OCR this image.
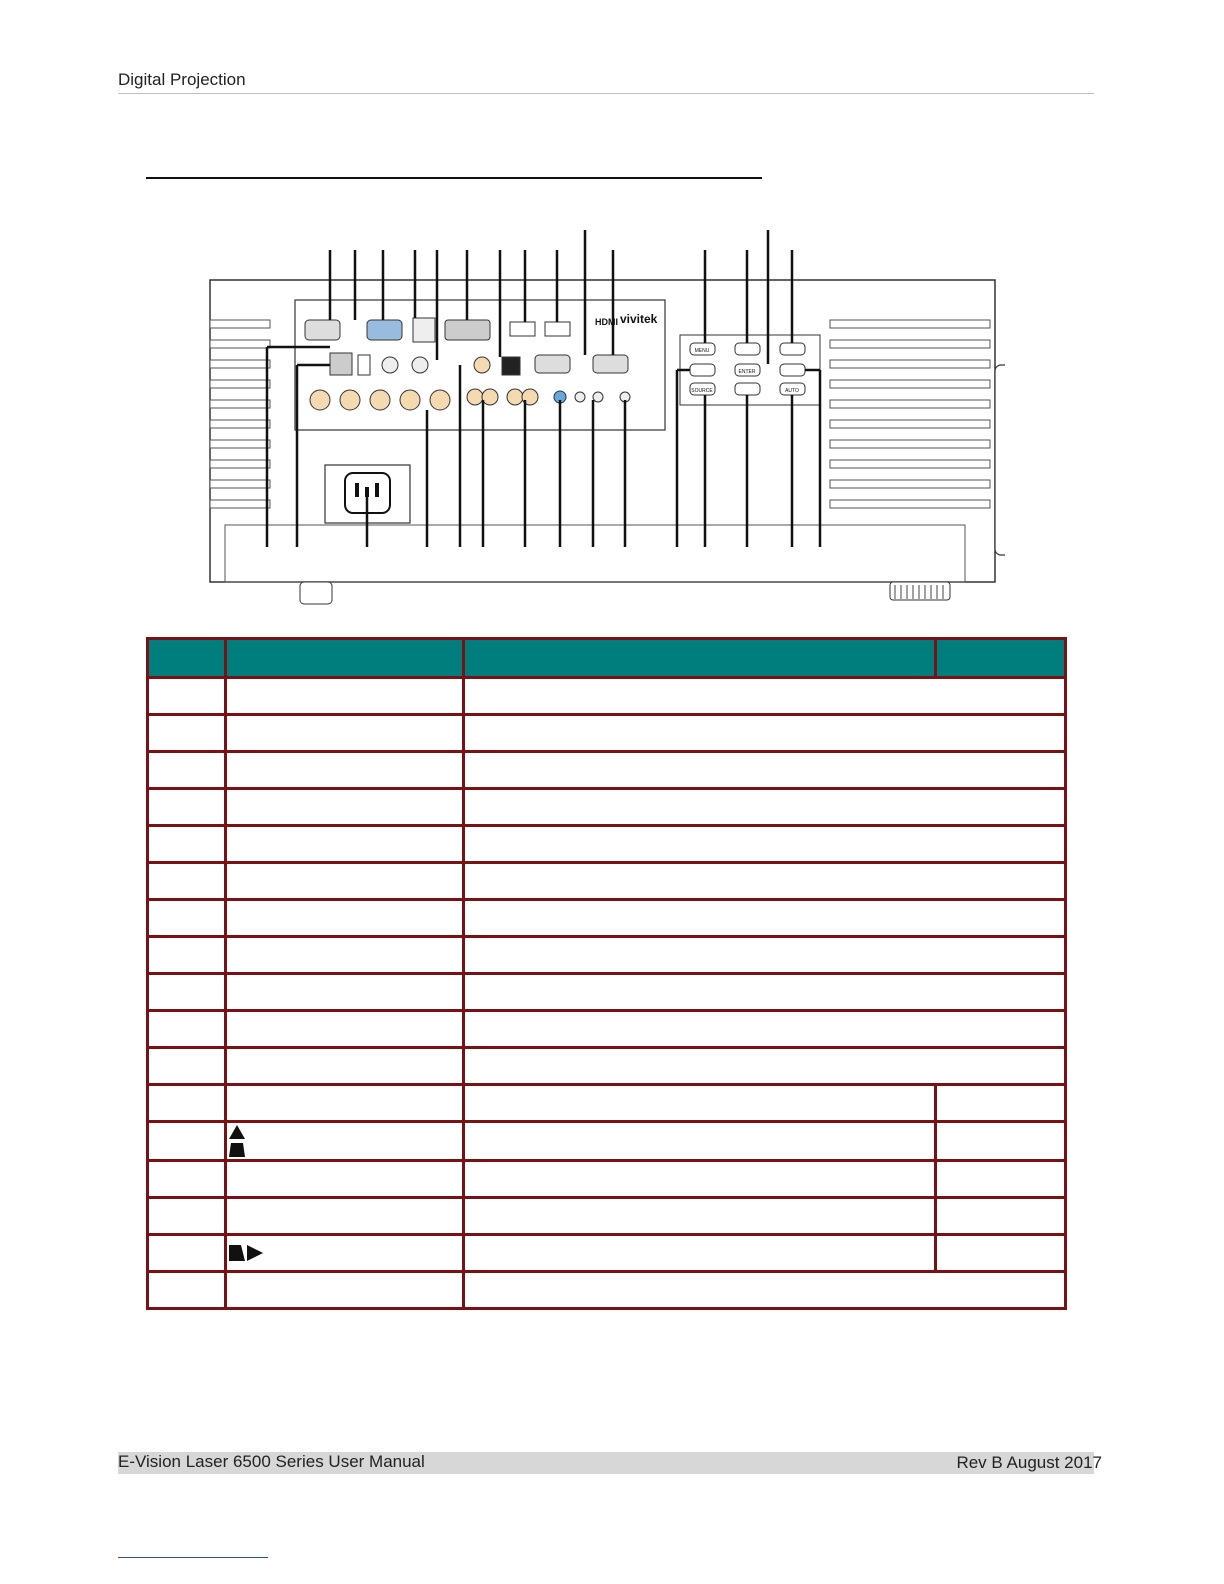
Digital Projection
HDMI vivitek
MENU
ENTER
SOURCE	AUTO

E-Vision Laser 6500 Series User Manual	Rev B August 2017
